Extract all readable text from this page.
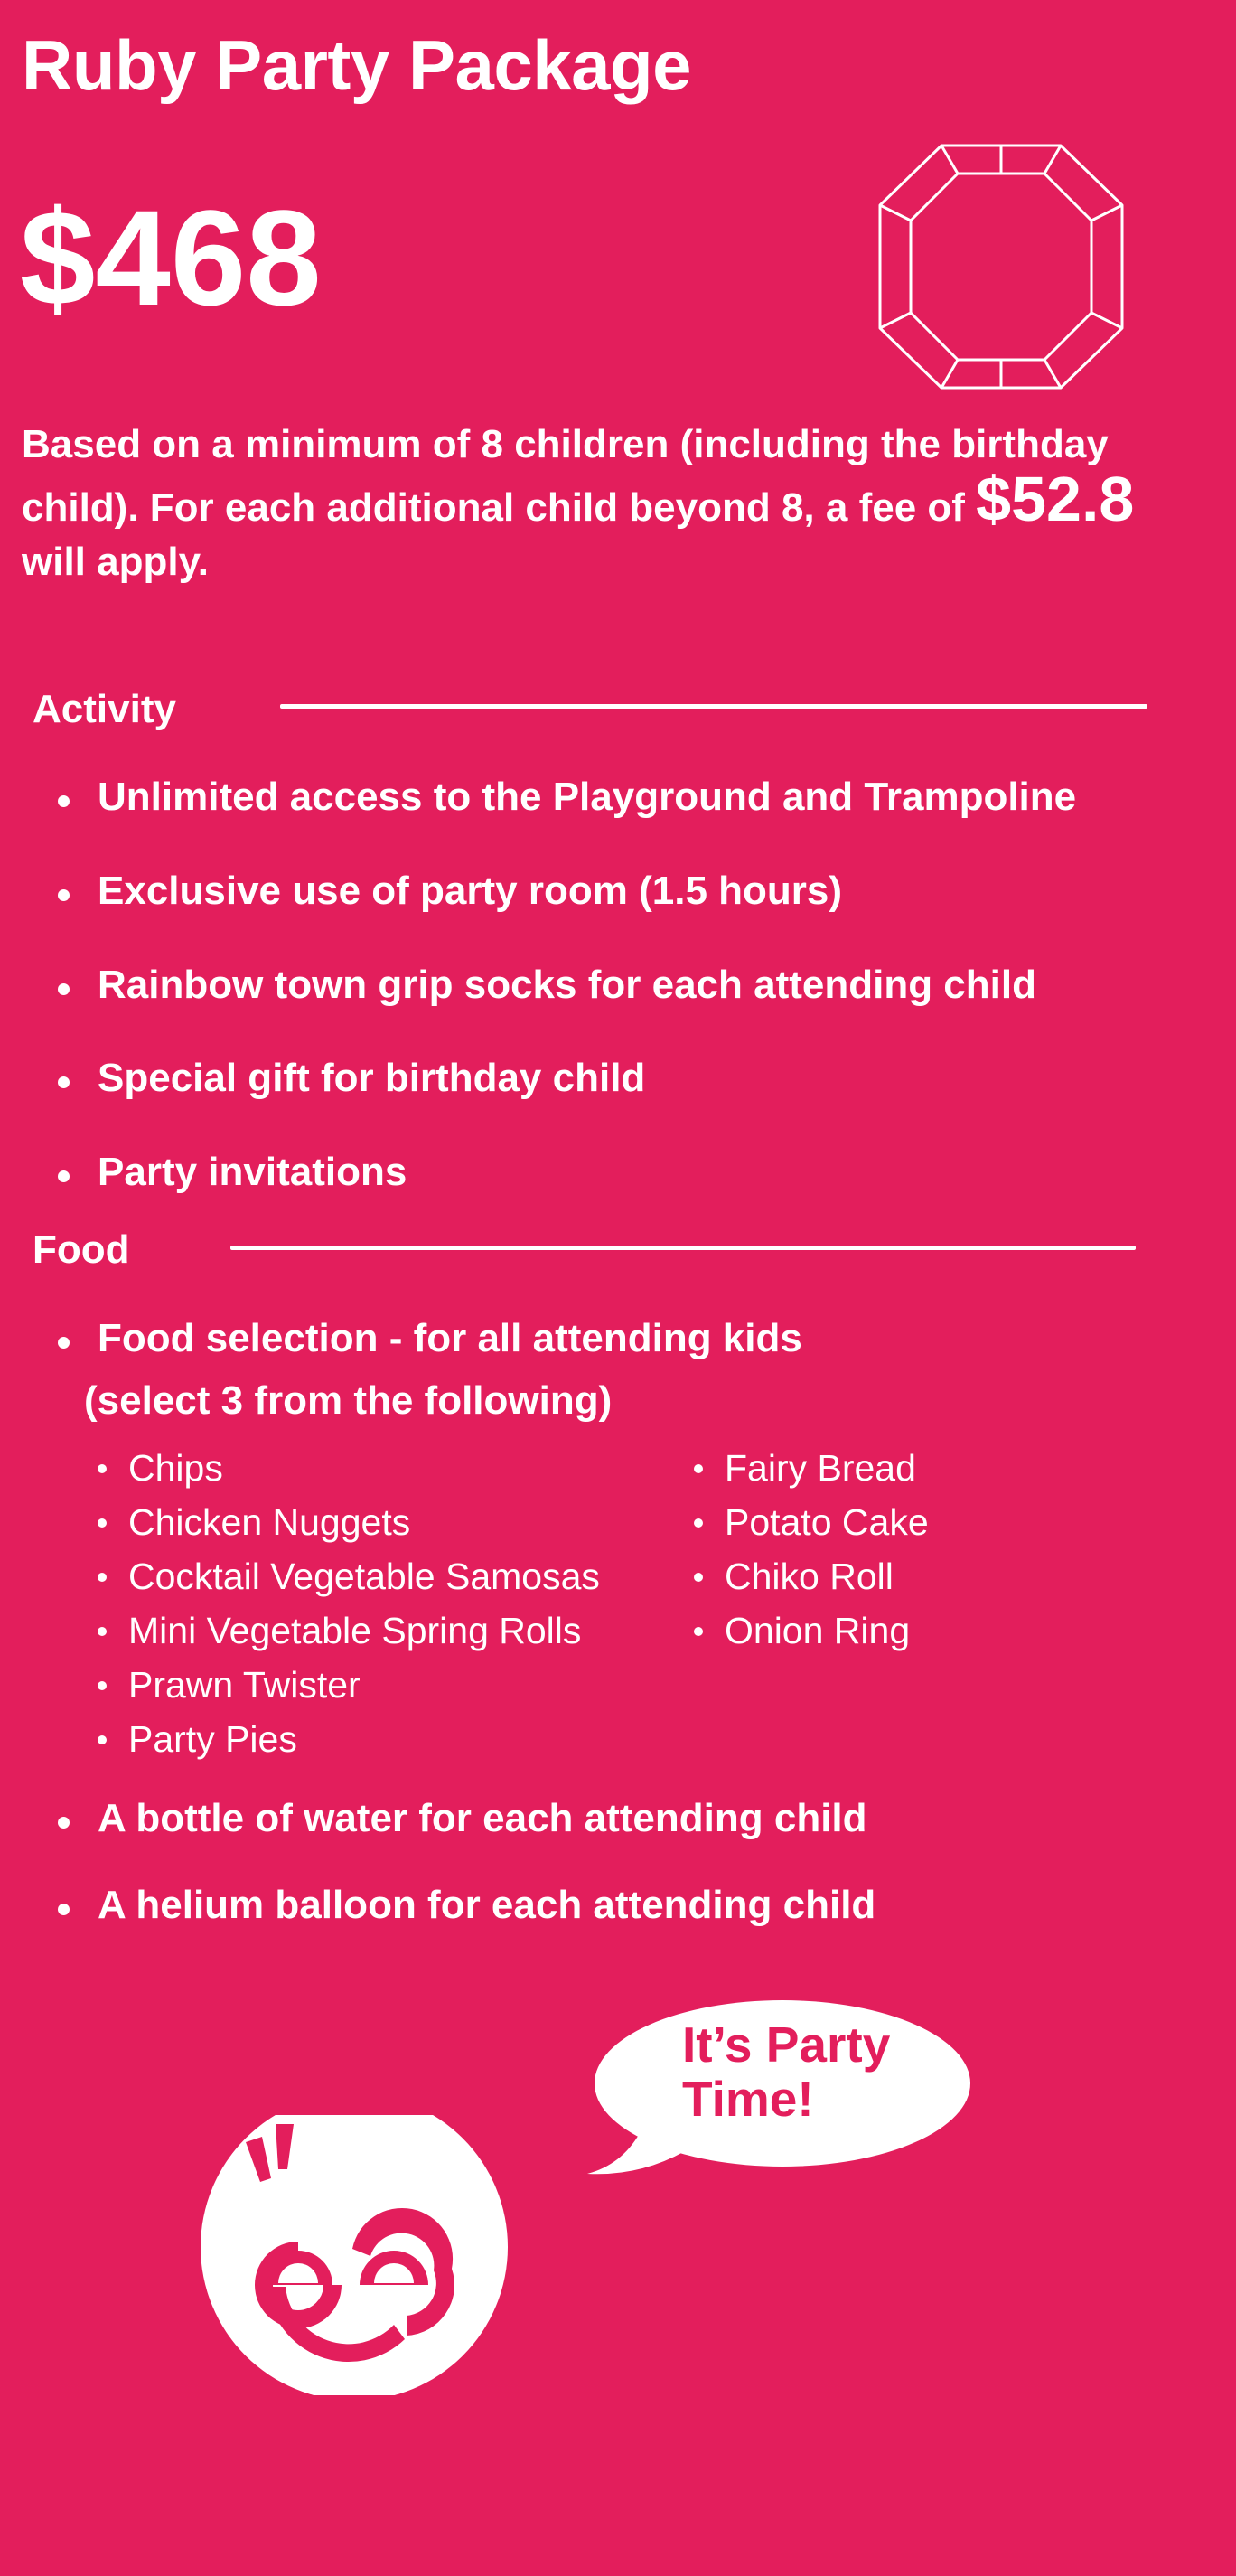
Ruby Party Package
$468

Based on a minimum of 8 children (including the birthday child). For each additional child beyond 8, a fee of $52.8 will apply.

Activity
Unlimited access to the Playground and Trampoline
Exclusive use of party room (1.5 hours)
Rainbow town grip socks for each attending child
Special gift for birthday child
Party invitations
Food
Food selection - for all attending kids

(select 3 from the following)

Chips
Chicken Nuggets
Cocktail Vegetable Samosas
Mini Vegetable Spring Rolls
Prawn Twister
Party Pies
Fairy Bread
Potato Cake
Chiko Roll
Onion Ring
A bottle of water for each attending child
A helium balloon for each attending child
It’s Party
Time!
